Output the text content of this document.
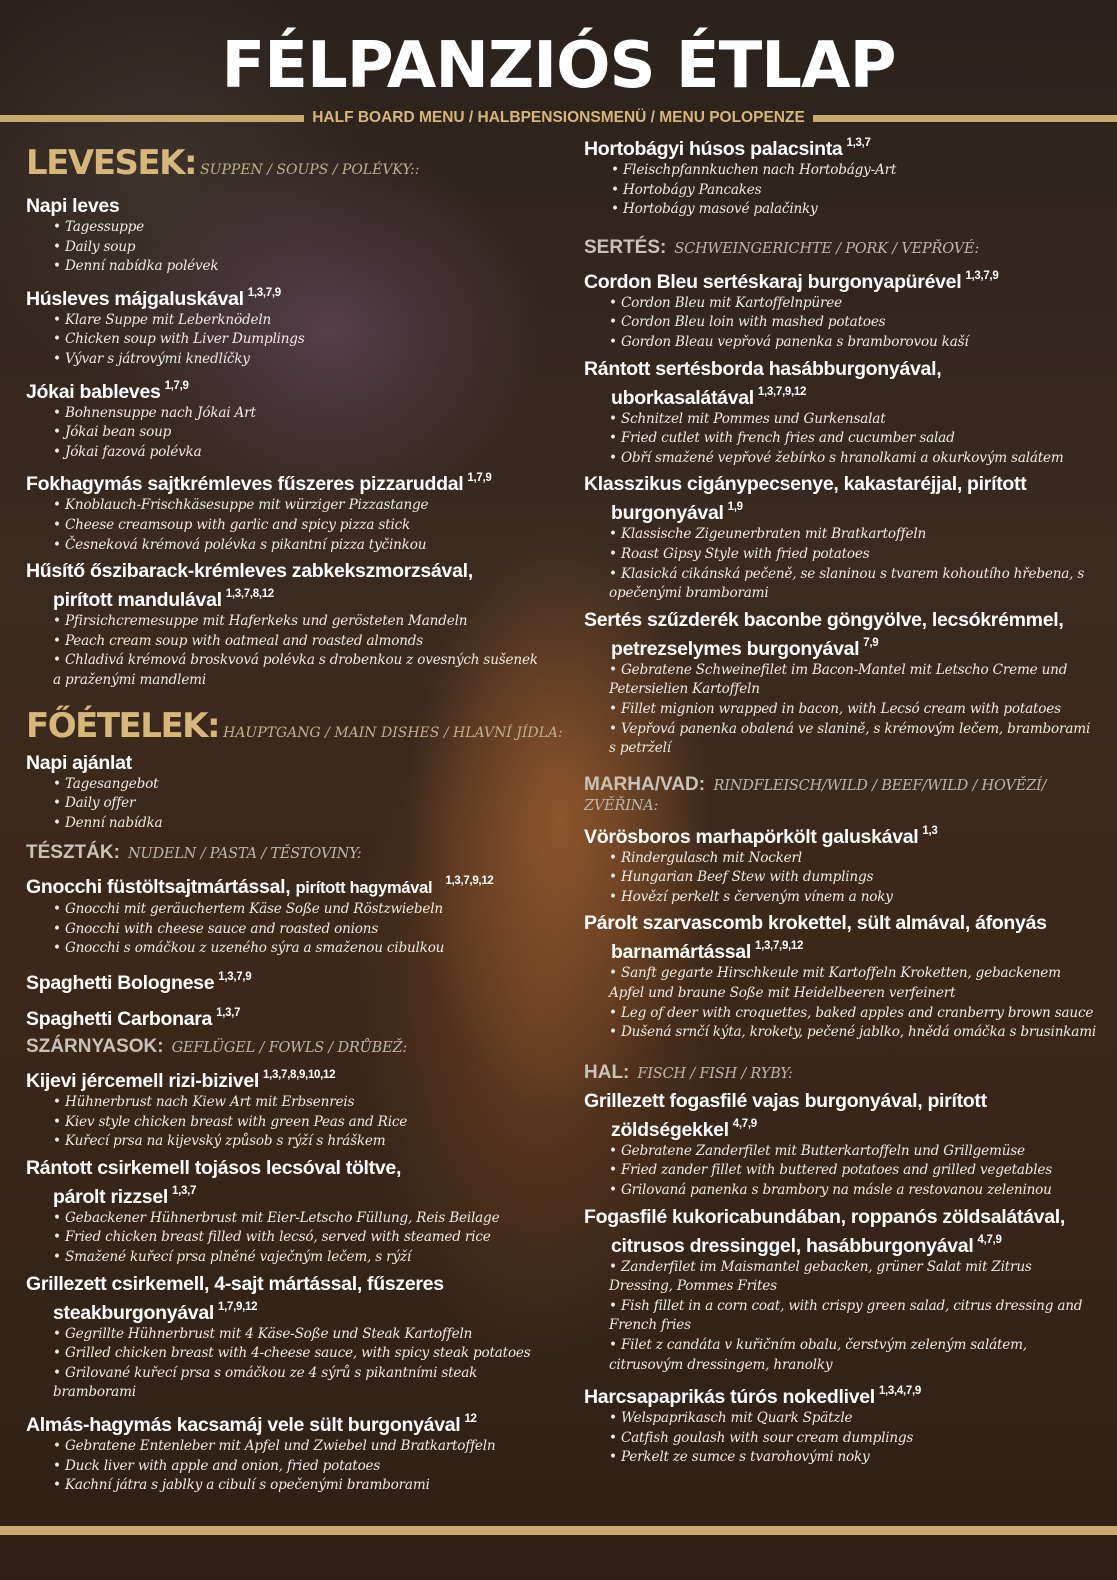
FÉLPANZIÓS ÉTLAP
HALF BOARD MENU / HALBPENSIONSMENÜ / MENU POLOPENZE
LEVESEK: SUPPEN / SOUPS / POLÉVKY::
Napi leves
• Tagessuppe
• Daily soup
• Denní nabídka polévek
Húsleves májgaluskával $^{1,3,7,9}$
• Klare Suppe mit Leberknödeln
• Chicken soup with Liver Dumplings
• Vývar s játrovými knedlíčky
Jókai bableves $^{1,7,9}$
• Bohnensuppe nach Jókai Art
• Jókai bean soup
• Jókai fazová polévka
Fokhagymás sajtkrémleves fűszeres pizzaruddal $^{1,7,9}$
• Knoblauch-Frischkäsesuppe mit würziger Pizzastange
• Cheese creamsoup with garlic and spicy pizza stick
• Česneková krémová polévka s pikantní pizza tyčinkou
Hűsítő őszibarack-krémleves zabkekszmorzsával,
pirított mandulával $^{1,3,7,8,12}$
• Pfirsichcremesuppe mit Haferkeks und gerösteten Mandeln
• Peach cream soup with oatmeal and roasted almonds
• Chladivá krémová broskvová polévka s drobenkou z ovesných sušenek a praženými mandlemi
FŐÉTELEK: HAUPTGANG / MAIN DISHES / HLAVNÍ JÍDLA:
Napi ajánlat
• Tagesangebot
• Daily offer
• Denní nabídka
TÉSZTÁK: NUDELN / PASTA / TĚSTOVINY:
Gnocchi füstöltsajtmártással, pirított hagymával $^{1,3,7,9,12}$
• Gnocchi mit geräuchertem Käse Soße und Röstzwiebeln
• Gnocchi with cheese sauce and roasted onions
• Gnocchi s omáčkou z uzeného sýra a smaženou cibulkou
Spaghetti Bolognese $^{1,3,7,9}$
Spaghetti Carbonara $^{1,3,7}$
SZÁRNYASOK: GEFLÜGEL / FOWLS / DRŮBEŽ:
Kijevi jércemell rizi-bizivel $^{1,3,7,8,9,10,12}$
• Hühnerbrust nach Kiew Art mit Erbsenreis
• Kiev style chicken breast with green Peas and Rice
• Kuřecí prsa na kijevský způsob s rýží s hráškem
Rántott csirkemell tojásos lecsóval töltve,
párolt rizzsel $^{1,3,7}$
• Gebackener Hühnerbrust mit Eier-Letscho Füllung, Reis Beilage
• Fried chicken breast filled with lecsó, served with steamed rice
• Smažené kuřecí prsa plněné vaječným lečem, s rýží
Grillezett csirkemell, 4-sajt mártással, fűszeres
steakburgonyával $^{1,7,9,12}$
• Gegrillte Hühnerbrust mit 4 Käse-Soße und Steak Kartoffeln
• Grilled chicken breast with 4-cheese sauce, with spicy steak potatoes
• Grilované kuřecí prsa s omáčkou ze 4 sýrů s pikantními steak bramborami
Almás-hagymás kacsamáj vele sült burgonyával $^{12}$
• Gebratene Entenleber mit Apfel und Zwiebel und Bratkartoffeln
• Duck liver with apple and onion, fried potatoes
• Kachní játra s jablky a cibulí s opečenými bramborami
Hortobágyi húsos palacsinta $^{1,3,7}$
• Fleischpfannkuchen nach Hortobágy-Art
• Hortobágy Pancakes
• Hortobágy masové palačinky
SERTÉS: SCHWEINGERICHTE / PORK / VEPŘOVÉ:
Cordon Bleu sertéskaraj burgonyapürével $^{1,3,7,9}$
• Cordon Bleu mit Kartoffelnpüree
• Cordon Bleu loin with mashed potatoes
• Gordon Bleau vepřová panenka s bramborovou kaší
Rántott sertésborda hasábburgonyával,
uborkasalátával $^{1,3,7,9,12}$
• Schnitzel mit Pommes und Gurkensalat
• Fried cutlet with french fries and cucumber salad
• Obří smažené vepřové žebírko s hranolkami a okurkovým salátem
Klasszikus cigánypecsenye, kakastaréjjal, pirított
burgonyával $^{1,9}$
• Klassische Zigeunerbraten mit Bratkartoffeln
• Roast Gipsy Style with fried potatoes
• Klasická cikánská pečeně, se slaninou s tvarem kohoutího hřebena, s opečenými bramborami
Sertés szűzderék baconbe göngyölve, lecsókrémmel,
petrezselymes burgonyával $^{7,9}$
• Gebratene Schweinefilet im Bacon-Mantel mit Letscho Creme und Petersielien Kartoffeln
• Fillet mignion wrapped in bacon, with Lecsó cream with potatoes
• Vepřová panenka obalená ve slanině, s krémovým lečem, bramborami s petrželí
MARHA/VAD: RINDFLEISCH/WILD / BEEF/WILD / HOVĚZÍ/ ZVĚŘINA:
Vörösboros marhapörkölt galuskával $^{1,3}$
• Rindergulasch mit Nockerl
• Hungarian Beef Stew with dumplings
• Hovězí perkelt s červeným vínem a noky
Párolt szarvascomb krokettel, sült almával, áfonyás
barnamártással $^{1,3,7,9,12}$
• Sanft gegarte Hirschkeule mit Kartoffeln Kroketten, gebackenem Apfel und braune Soße mit Heidelbeeren verfeinert
• Leg of deer with croquettes, baked apples and cranberry brown sauce
• Dušená srnčí kýta, krokety, pečené jablko, hnědá omáčka s brusinkami
HAL: FISCH / FISH / RYBY:
Grillezett fogasfilé vajas burgonyával, pirított
zöldségekkel $^{4,7,9}$
• Gebratene Zanderfilet mit Butterkartoffeln und Grillgemüse
• Fried zander fillet with buttered potatoes and grilled vegetables
• Grilovaná panenka s brambory na másle a restovanou zeleninou
Fogasfilé kukoricabundában, roppanós zöldsalátával,
citrusos dressinggel, hasábburgonyával $^{4,7,9}$
• Zanderfilet im Maismantel gebacken, grüner Salat mit Zitrus Dressing, Pommes Frites
• Fish fillet in a corn coat, with crispy green salad, citrus dressing and French fries
• Filet z candáta v kuřičním obalu, čerstvým zeleným salátem, citrusovým dressingem, hranolky
Harcsapaprikás túrós nokedlivel $^{1,3,4,7,9}$
• Welspaprikasch mit Quark Spätzle
• Catfish goulash with sour cream dumplings
• Perkelt ze sumce s tvarohovými noky
